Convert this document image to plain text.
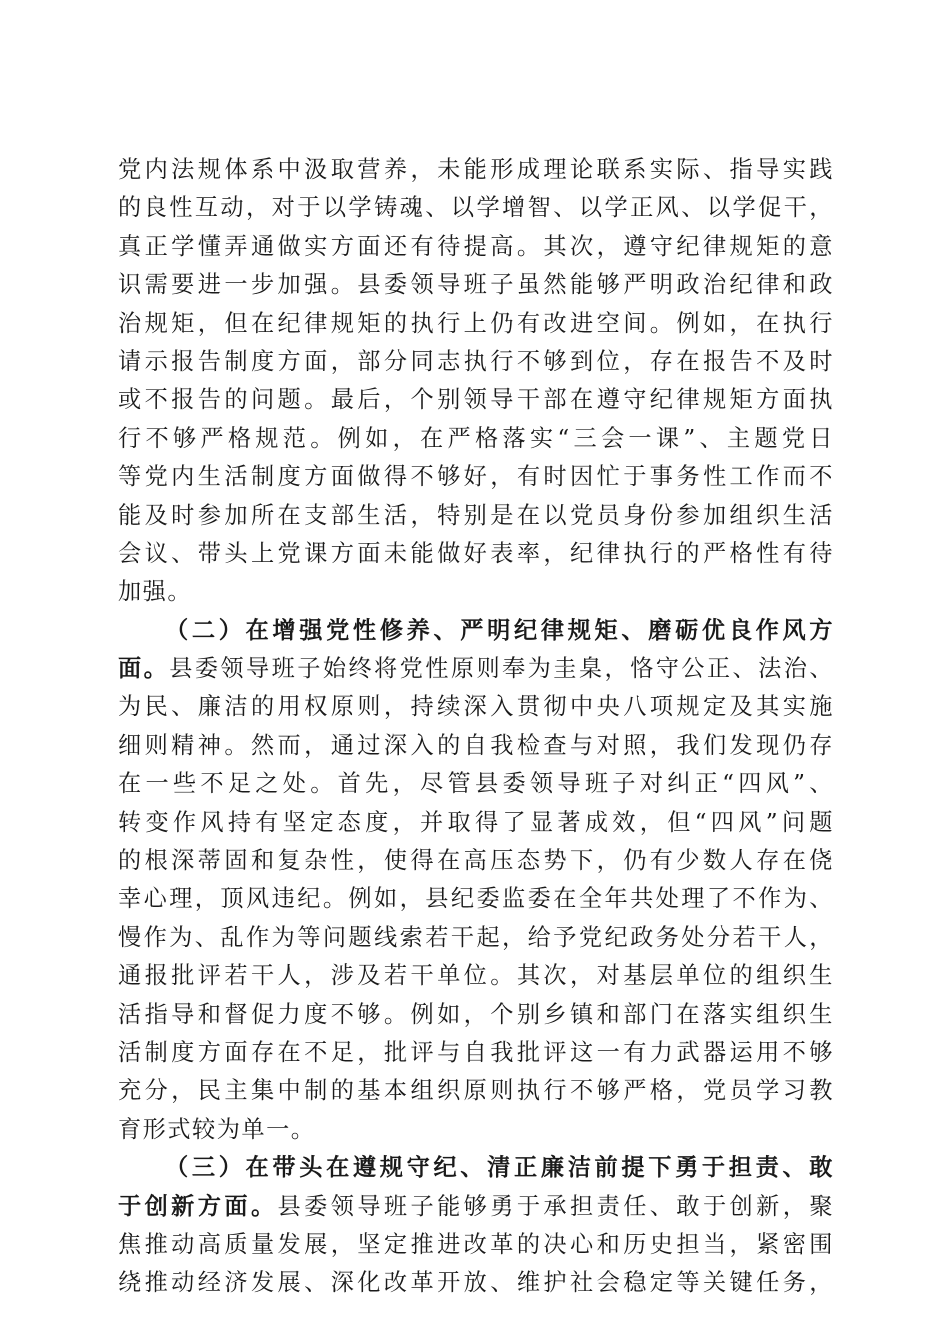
党内法规体系中汲取营养，未能形成理论联系实际、指导实践
的良性互动，对于以学铸魂、以学增智、以学正风、以学促干，
真正学懂弄通做实方面还有待提高。其次，遵守纪律规矩的意
识需要进一步加强。县委领导班子虽然能够严明政治纪律和政
治规矩，但在纪律规矩的执行上仍有改进空间。例如，在执行
请示报告制度方面，部分同志执行不够到位，存在报告不及时
或不报告的问题。最后，个别领导干部在遵守纪律规矩方面执
行不够严格规范。例如，在严格落实“三会一课”、主题党日
等党内生活制度方面做得不够好，有时因忙于事务性工作而不
能及时参加所在支部生活，特别是在以党员身份参加组织生活
会议、带头上党课方面未能做好表率，纪律执行的严格性有待
加强。
（二）在增强党性修养、严明纪律规矩、磨砺优良作风方
面。县委领导班子始终将党性原则奉为圭臬，恪守公正、法治、
为民、廉洁的用权原则，持续深入贯彻中央八项规定及其实施
细则精神。然而，通过深入的自我检查与对照，我们发现仍存
在一些不足之处。首先，尽管县委领导班子对纠正“四风”、
转变作风持有坚定态度，并取得了显著成效，但“四风”问题
的根深蒂固和复杂性，使得在高压态势下，仍有少数人存在侥
幸心理，顶风违纪。例如，县纪委监委在全年共处理了不作为、
慢作为、乱作为等问题线索若干起，给予党纪政务处分若干人，
通报批评若干人，涉及若干单位。其次，对基层单位的组织生
活指导和督促力度不够。例如，个别乡镇和部门在落实组织生
活制度方面存在不足，批评与自我批评这一有力武器运用不够
充分，民主集中制的基本组织原则执行不够严格，党员学习教
育形式较为单一。
（三）在带头在遵规守纪、清正廉洁前提下勇于担责、敢
于创新方面。县委领导班子能够勇于承担责任、敢于创新，聚
焦推动高质量发展，坚定推进改革的决心和历史担当，紧密围
绕推动经济发展、深化改革开放、维护社会稳定等关键任务，
